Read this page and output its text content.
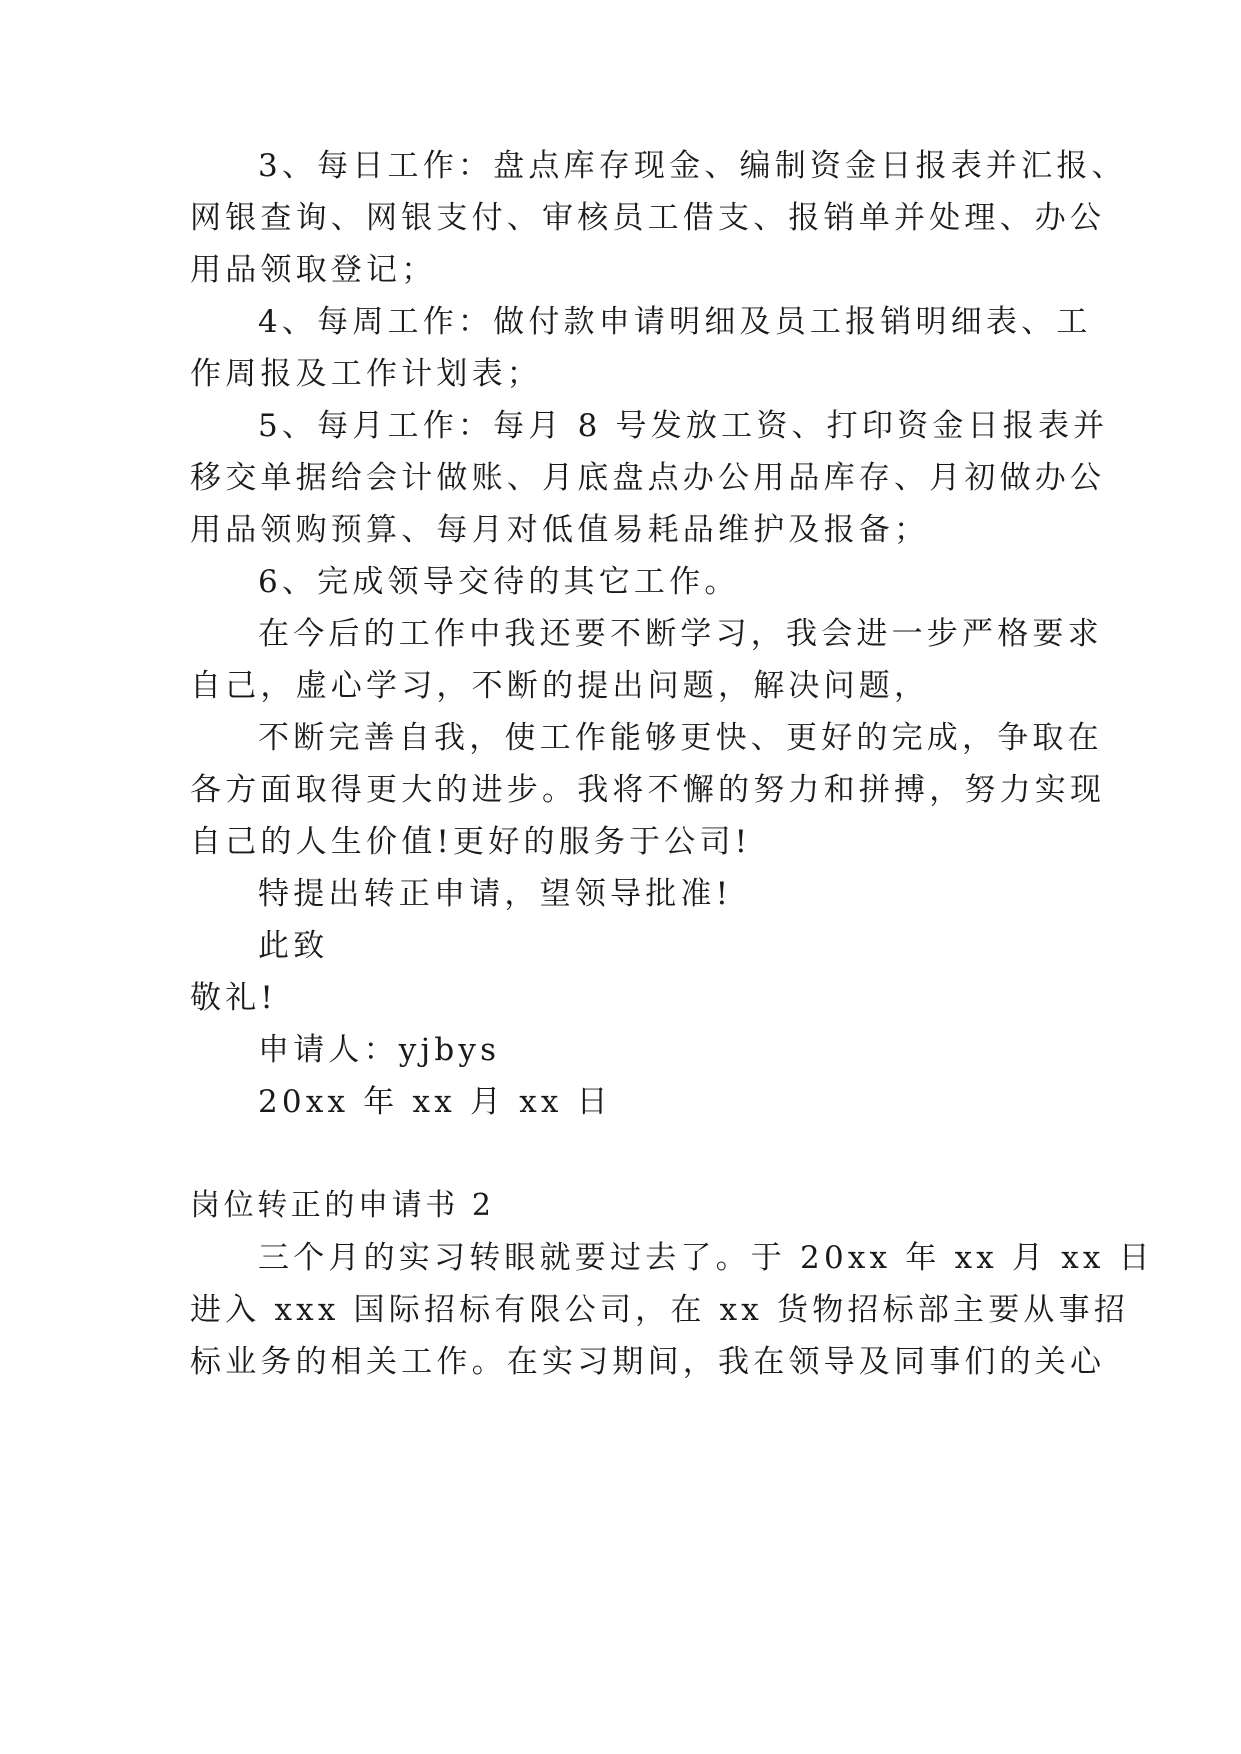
3、每日工作：盘点库存现金、编制资金日报表并汇报、
网银查询、网银支付、审核员工借支、报销单并处理、办公
用品领取登记；
4、每周工作：做付款申请明细及员工报销明细表、工
作周报及工作计划表；
5、每月工作：每月 8 号发放工资、打印资金日报表并
移交单据给会计做账、月底盘点办公用品库存、月初做办公
用品领购预算、每月对低值易耗品维护及报备；
6、完成领导交待的其它工作。
在今后的工作中我还要不断学习，我会进一步严格要求
自己，虚心学习，不断的提出问题，解决问题，
不断完善自我，使工作能够更快、更好的完成，争取在
各方面取得更大的进步。我将不懈的努力和拼搏，努力实现
自己的人生价值!更好的服务于公司!
特提出转正申请，望领导批准!
此致
敬礼!
申请人：yjbys
20xx 年 xx 月 xx 日
岗位转正的申请书 2
三个月的实习转眼就要过去了。于 20xx 年 xx 月 xx 日
进入 xxx 国际招标有限公司，在 xx 货物招标部主要从事招
标业务的相关工作。在实习期间，我在领导及同事们的关心
